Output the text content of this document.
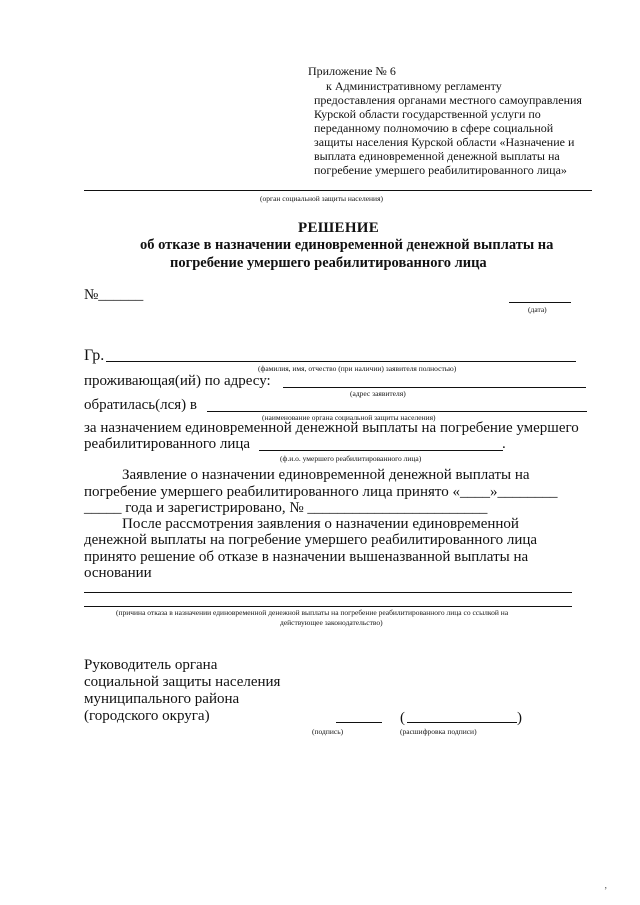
Приложение № 6
к Административному регламенту
предоставления органами местного самоуправления
Курской области государственной услуги по
переданному полномочию в сфере социальной
защиты населения Курской области «Назначение и
выплата единовременной денежной выплаты на
погребение умершего реабилитированного лица»
(орган социальной защиты населения)
РЕШЕНИЕ
об отказе в назначении единовременной денежной выплаты на
погребение умершего реабилитированного лица
№______
(дата)
Гр.
(фамилия, имя, отчество (при наличии) заявителя полностью)
проживающая(ий) по адресу:
(адрес заявителя)
обратилась(лся) в
(наименование органа социальной защиты населения)
за назначением единовременной денежной выплаты на погребение умершего
реабилитированного лица	.
(ф.и.о. умершего реабилитированного лица)
Заявление о назначении единовременной денежной выплаты на
погребение умершего реабилитированного лица принято «____»________
_____ года и зарегистрировано, № ________________________
После рассмотрения заявления о назначении единовременной
денежной выплаты на погребение умершего реабилитированного лица
принято решение об отказе в назначении вышеназванной выплаты на
основании
(причина отказа в назначении единовременной денежной выплаты на погребение реабилитированного лица со ссылкой на
действующее законодательство)
Руководитель органа
социальной защиты населения
муниципального района
(городского округа)
(подпись)
(	)
(расшифровка подписи)
’
